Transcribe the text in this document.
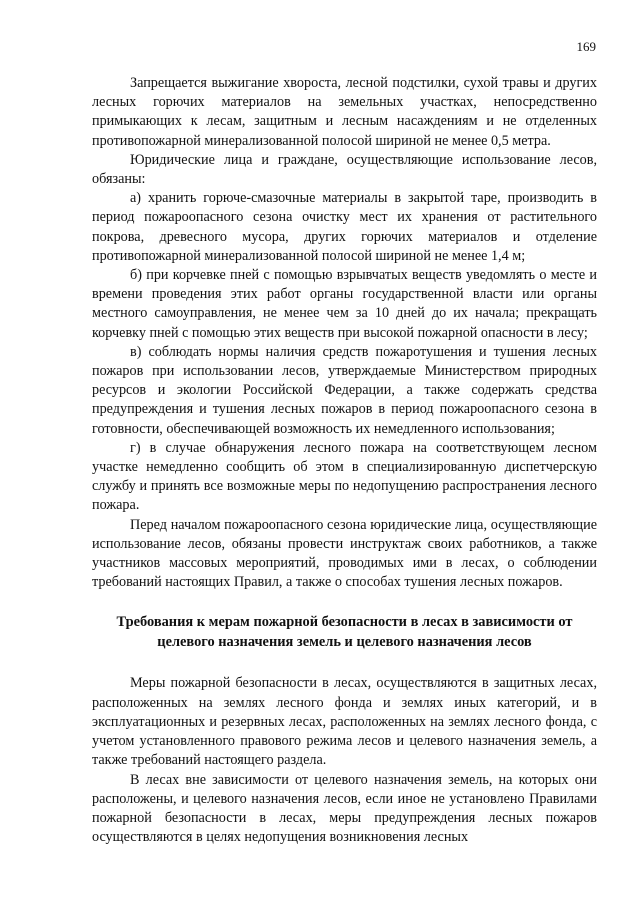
169

Запрещается выжигание хвороста, лесной подстилки, сухой травы и других лесных горючих материалов на земельных участках, непосредственно примыкающих к лесам, защитным и лесным насаждениям и не отделенных противопожарной минерализованной полосой шириной не менее 0,5 метра.

Юридические лица и граждане, осуществляющие использование лесов, обязаны:

а) хранить горюче-смазочные материалы в закрытой таре, производить в период пожароопасного сезона очистку мест их хранения от растительного покрова, древесного мусора, других горючих материалов и отделение противопожарной минерализованной полосой шириной не менее 1,4 м;

б) при корчевке пней с помощью взрывчатых веществ уведомлять о месте и времени проведения этих работ органы государственной власти или органы местного самоуправления, не менее чем за 10 дней до их начала; прекращать корчевку пней с помощью этих веществ при высокой пожарной опасности в лесу;

в) соблюдать нормы наличия средств пожаротушения и тушения лесных пожаров при использовании лесов, утверждаемые Министерством природных ресурсов и экологии Российской Федерации, а также содержать средства предупреждения и тушения лесных пожаров в период пожароопасного сезона в готовности, обеспечивающей возможность их немедленного использования;

г) в случае обнаружения лесного пожара на соответствующем лесном участке немедленно сообщить об этом в специализированную диспетчерскую службу и принять все возможные меры по недопущению распространения лесного пожара.

Перед началом пожароопасного сезона юридические лица, осуществляющие использование лесов, обязаны провести инструктаж своих работников, а также участников массовых мероприятий, проводимых ими в лесах, о соблюдении требований настоящих Правил, а также о способах тушения лесных пожаров.

Требования к мерам пожарной безопасности в лесах в зависимости от целевого назначения земель и целевого назначения лесов

Меры пожарной безопасности в лесах, осуществляются в защитных лесах, расположенных на землях лесного фонда и землях иных категорий, и в эксплуатационных и резервных лесах, расположенных на землях лесного фонда, с учетом установленного правового режима лесов и целевого назначения земель, а также требований настоящего раздела.

В лесах вне зависимости от целевого назначения земель, на которых они расположены, и целевого назначения лесов, если иное не установлено Правилами пожарной безопасности в лесах, меры предупреждения лесных пожаров осуществляются в целях недопущения возникновения лесных
